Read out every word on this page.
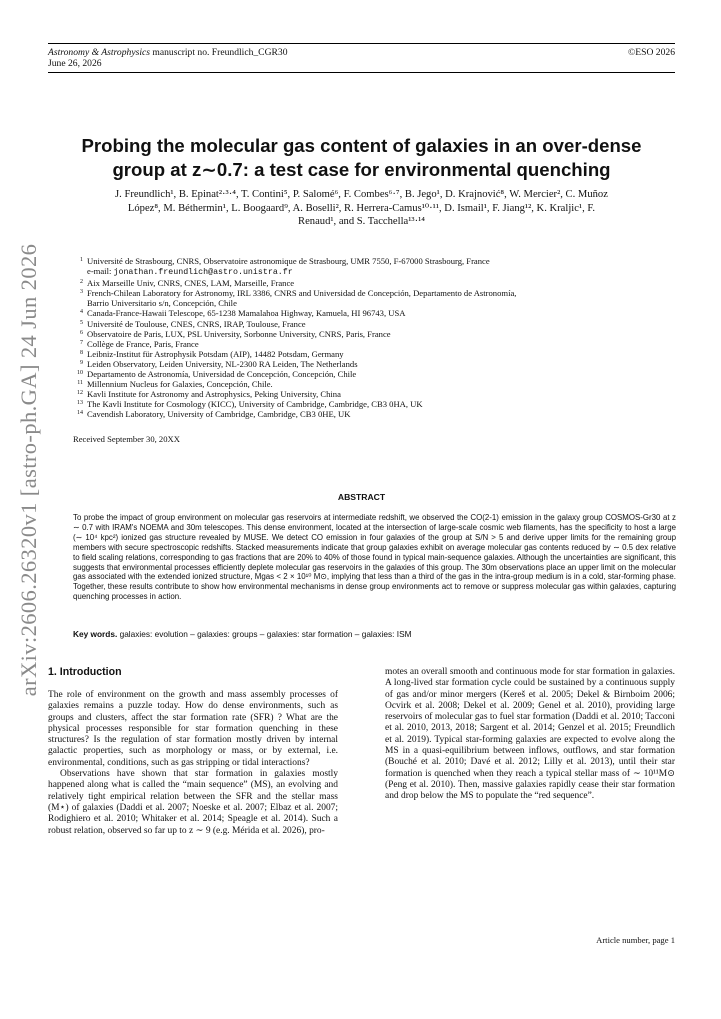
arXiv:2606.26320v1 [astro-ph.GA] 24 Jun 2026
Astronomy & Astrophysics manuscript no. Freundlich_CGR30
June 26, 2026
©ESO 2026
Probing the molecular gas content of galaxies in an over-dense
group at z∼0.7: a test case for environmental quenching
J. Freundlich¹, B. Epinat²·³·⁴, T. Contini⁵, P. Salomé⁶, F. Combes⁶·⁷, B. Jego¹, D. Krajnović⁸, W. Mercier², C. Muñoz
López⁸, M. Béthermin¹, L. Boogaard⁹, A. Boselli², R. Herrera-Camus¹⁰·¹¹, D. Ismail¹, F. Jiang¹², K. Kraljic¹, F.
Renaud¹, and S. Tacchella¹³·¹⁴
1 Université de Strasbourg, CNRS, Observatoire astronomique de Strasbourg, UMR 7550, F-67000 Strasbourg, France
e-mail: jonathan.freundlich@astro.unistra.fr
2 Aix Marseille Univ, CNRS, CNES, LAM, Marseille, France
3 French-Chilean Laboratory for Astronomy, IRL 3386, CNRS and Universidad de Concepción, Departamento de Astronomía,
Barrio Universitario s/n, Concepción, Chile
4 Canada-France-Hawaii Telescope, 65-1238 Mamalahoa Highway, Kamuela, HI 96743, USA
5 Université de Toulouse, CNES, CNRS, IRAP, Toulouse, France
6 Observatoire de Paris, LUX, PSL University, Sorbonne University, CNRS, Paris, France
7 Collège de France, Paris, France
8 Leibniz-Institut für Astrophysik Potsdam (AIP), 14482 Potsdam, Germany
9 Leiden Observatory, Leiden University, NL-2300 RA Leiden, The Netherlands
10 Departamento de Astronomía, Universidad de Concepción, Concepción, Chile
11 Millennium Nucleus for Galaxies, Concepción, Chile.
12 Kavli Institute for Astronomy and Astrophysics, Peking University, China
13 The Kavli Institute for Cosmology (KICC), University of Cambridge, Cambridge, CB3 0HA, UK
14 Cavendish Laboratory, University of Cambridge, Cambridge, CB3 0HE, UK
Received September 30, 20XX
ABSTRACT
To probe the impact of group environment on molecular gas reservoirs at intermediate redshift, we observed the CO(2-1) emission in the galaxy group COSMOS-Gr30 at z ∼ 0.7 with IRAM's NOEMA and 30m telescopes. This dense environment, located at the intersection of large-scale cosmic web filaments, has the specificity to host a large (∼ 10⁴ kpc²) ionized gas structure revealed by MUSE. We detect CO emission in four galaxies of the group at S/N > 5 and derive upper limits for the remaining group members with secure spectroscopic redshifts. Stacked measurements indicate that group galaxies exhibit on average molecular gas contents reduced by ∼ 0.5 dex relative to field scaling relations, corresponding to gas fractions that are 20% to 40% of those found in typical main-sequence galaxies. Although the uncertainties are significant, this suggests that environmental processes efficiently deplete molecular gas reservoirs in the galaxies of this group. The 30m observations place an upper limit on the molecular gas associated with the extended ionized structure, Mgas < 2 × 10¹⁰ M⊙, implying that less than a third of the gas in the intra-group medium is in a cold, star-forming phase. Together, these results contribute to show how environmental mechanisms in dense group environments act to remove or suppress molecular gas within galaxies, capturing quenching processes in action.
Key words. galaxies: evolution – galaxies: groups – galaxies: star formation – galaxies: ISM
1. Introduction

The role of environment on the growth and mass assembly processes of galaxies remains a puzzle today. How do dense environments, such as groups and clusters, affect the star formation rate (SFR) ? What are the physical processes responsible for star formation quenching in these structures? Is the regulation of star formation mostly driven by internal galactic properties, such as morphology or mass, or by external, i.e. environmental, conditions, such as gas stripping or tidal interactions?

Observations have shown that star formation in galaxies mostly happened along what is called the “main sequence” (MS), an evolving and relatively tight empirical relation between the SFR and the stellar mass (M⋆) of galaxies (Daddi et al. 2007; Noeske et al. 2007; Elbaz et al. 2007; Rodighiero et al. 2010; Whitaker et al. 2014; Speagle et al. 2014). Such a robust relation, observed so far up to z ∼ 9 (e.g. Mérida et al. 2026), pro-

motes an overall smooth and continuous mode for star formation in galaxies. A long-lived star formation cycle could be sustained by a continuous supply of gas and/or minor mergers (Kereš et al. 2005; Dekel & Birnboim 2006; Ocvirk et al. 2008; Dekel et al. 2009; Genel et al. 2010), providing large reservoirs of molecular gas to fuel star formation (Daddi et al. 2010; Tacconi et al. 2010, 2013, 2018; Sargent et al. 2014; Genzel et al. 2015; Freundlich et al. 2019). Typical star-forming galaxies are expected to evolve along the MS in a quasi-equilibrium between inflows, outflows, and star formation (Bouché et al. 2010; Davé et al. 2012; Lilly et al. 2013), until their star formation is quenched when they reach a typical stellar mass of ∼ 10¹¹M⊙ (Peng et al. 2010). Then, massive galaxies rapidly cease their star formation and drop below the MS to populate the “red sequence”.

Article number, page 1
